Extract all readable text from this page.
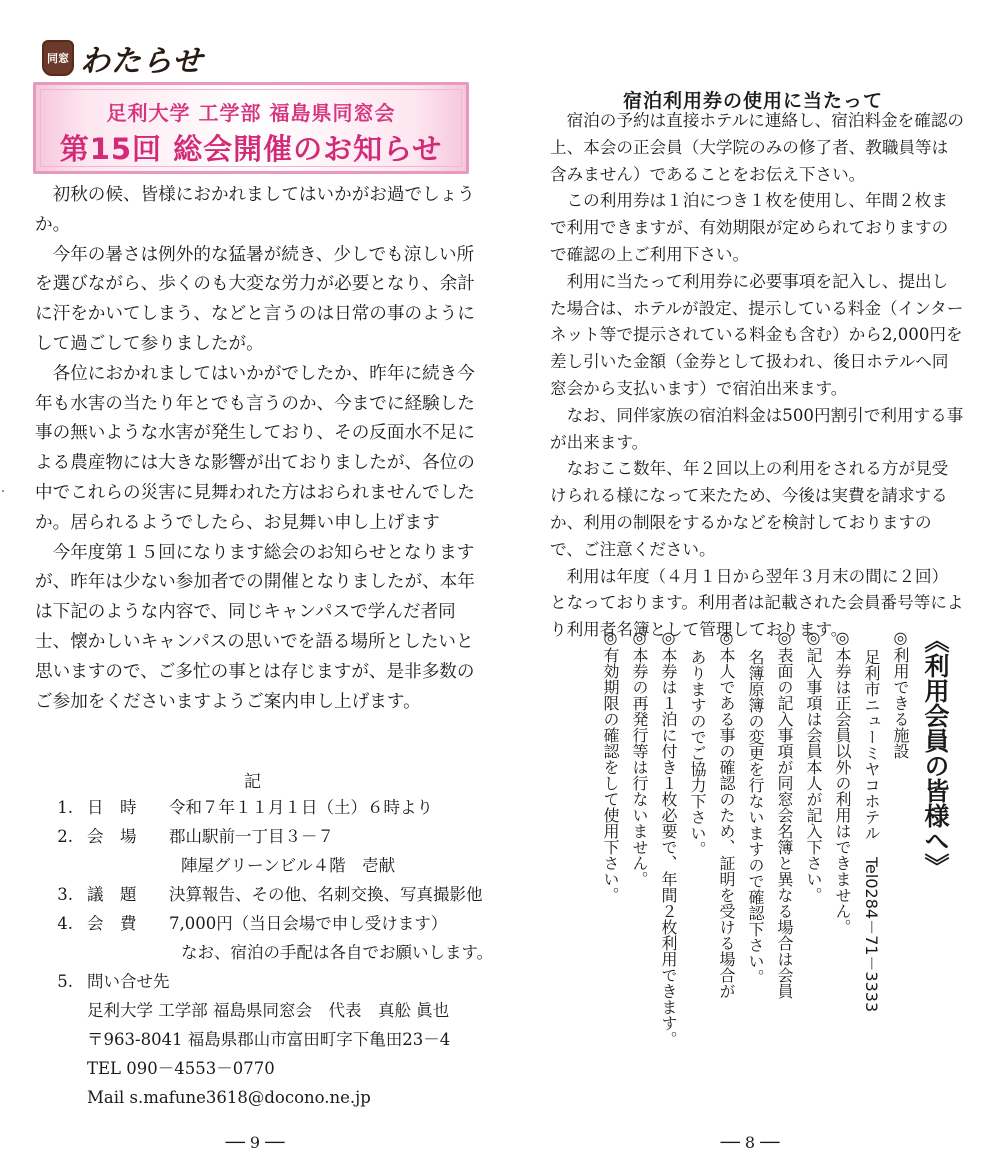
同窓 わたらせ
足利大学 工学部 福島県同窓会
第15回 総会開催のお知らせ

初秋の候、皆様におかれましてはいかがお過でしょうか。

今年の暑さは例外的な猛暑が続き、少しでも涼しい所を選びながら、歩くのも大変な労力が必要となり、余計に汗をかいてしまう、などと言うのは日常の事のようにして過ごして参りましたが。

各位におかれましてはいかがでしたか、昨年に続き今年も水害の当たり年とでも言うのか、今までに経験した事の無いような水害が発生しており、その反面水不足による農産物には大きな影響が出ておりましたが、各位の中でこれらの災害に見舞われた方はおられませんでしたか。居られるようでしたら、お見舞い申し上げます

今年度第１５回になります総会のお知らせとなりますが、昨年は少ない参加者での開催となりましたが、本年は下記のような内容で、同じキャンパスで学んだ者同士、懐かしいキャンパスの思いでを語る場所としたいと思いますので、ご多忙の事とは存じますが、是非多数のご参加をくださいますようご案内申し上げます。

記
1. 日　時	令和７年１１月１日（土）６時より
2. 会　場	郡山駅前一丁目３－７
陣屋グリーンビル４階　壱献
3. 議　題	決算報告、その他、名刺交換、写真撮影他
4. 会　費	7,000円（当日会場で申し受けます）
なお、宿泊の手配は各自でお願いします。
5. 問い合せ先
足利大学 工学部 福島県同窓会　代表　真舩 眞也
〒963-8041 福島県郡山市富田町字下亀田23－4
TEL 090－4553－0770
Mail s.mafune3618@docono.ne.jp
── 9 ──
宿泊利用券の使用に当たって

宿泊の予約は直接ホテルに連絡し、宿泊料金を確認の上、本会の正会員（大学院のみの修了者、教職員等は含みません）であることをお伝え下さい。

この利用券は１泊につき１枚を使用し、年間２枚まで利用できますが、有効期限が定められておりますので確認の上ご利用下さい。

利用に当たって利用券に必要事項を記入し、提出した場合は、ホテルが設定、提示している料金（インターネット等で提示されている料金も含む）から2,000円を差し引いた金額（金券として扱われ、後日ホテルへ同窓会から支払います）で宿泊出来ます。

なお、同伴家族の宿泊料金は500円割引で利用する事が出来ます。

なおここ数年、年２回以上の利用をされる方が見受けられる様になって来たため、今後は実費を請求するか、利用の制限をするかなどを検討しておりますので、ご注意ください。

利用は年度（４月１日から翌年３月末の間に２回）となっております。利用者は記載された会員番号等により利用者名簿として管理しております。	《利用会員の皆様へ》
◎利用できる施設
足利市ニューミヤコホテル　Tel0284－71－3333
◎本券は正会員以外の利用はできません。
◎記入事項は会員本人が記入下さい。
◎表面の記入事項が同窓会名簿と異なる場合は会員
名簿原簿の変更を行ないますので確認下さい。
◎本人である事の確認のため、証明を受ける場合が
ありますのでご協力下さい。
◎本券は１泊に付き１枚必要で、年間２枚利用できます。
◎本券の再発行等は行ないません。
◎有効期限の確認をして使用下さい。
── 8 ──
